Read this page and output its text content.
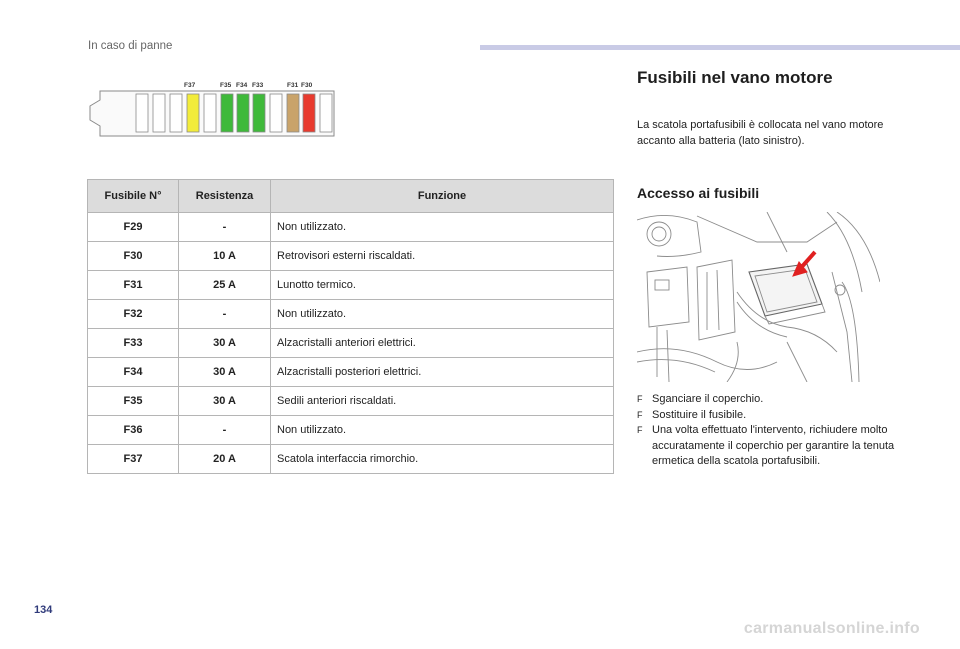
In caso di panne
F37	F35 F34 F33	F31 F30
Fusibile N°	Resistenza	Funzione
F29	-	Non utilizzato.
F30	10 A	Retrovisori esterni riscaldati.
F31	25 A	Lunotto termico.
F32	-	Non utilizzato.
F33	30 A	Alzacristalli anteriori elettrici.
F34	30 A	Alzacristalli posteriori elettrici.
F35	30 A	Sedili anteriori riscaldati.
F36	-	Non utilizzato.
F37	20 A	Scatola interfaccia rimorchio.
Fusibili nel vano motore
La scatola portafusibili è collocata nel vano motore accanto alla batteria (lato sinistro).
Accesso ai fusibili
F Sganciare il coperchio.
F Sostituire il fusibile.
F Una volta effettuato l'intervento, richiudere molto accuratamente il coperchio per garantire la tenuta ermetica della scatola portafusibili.
134
carmanualsonline.info
